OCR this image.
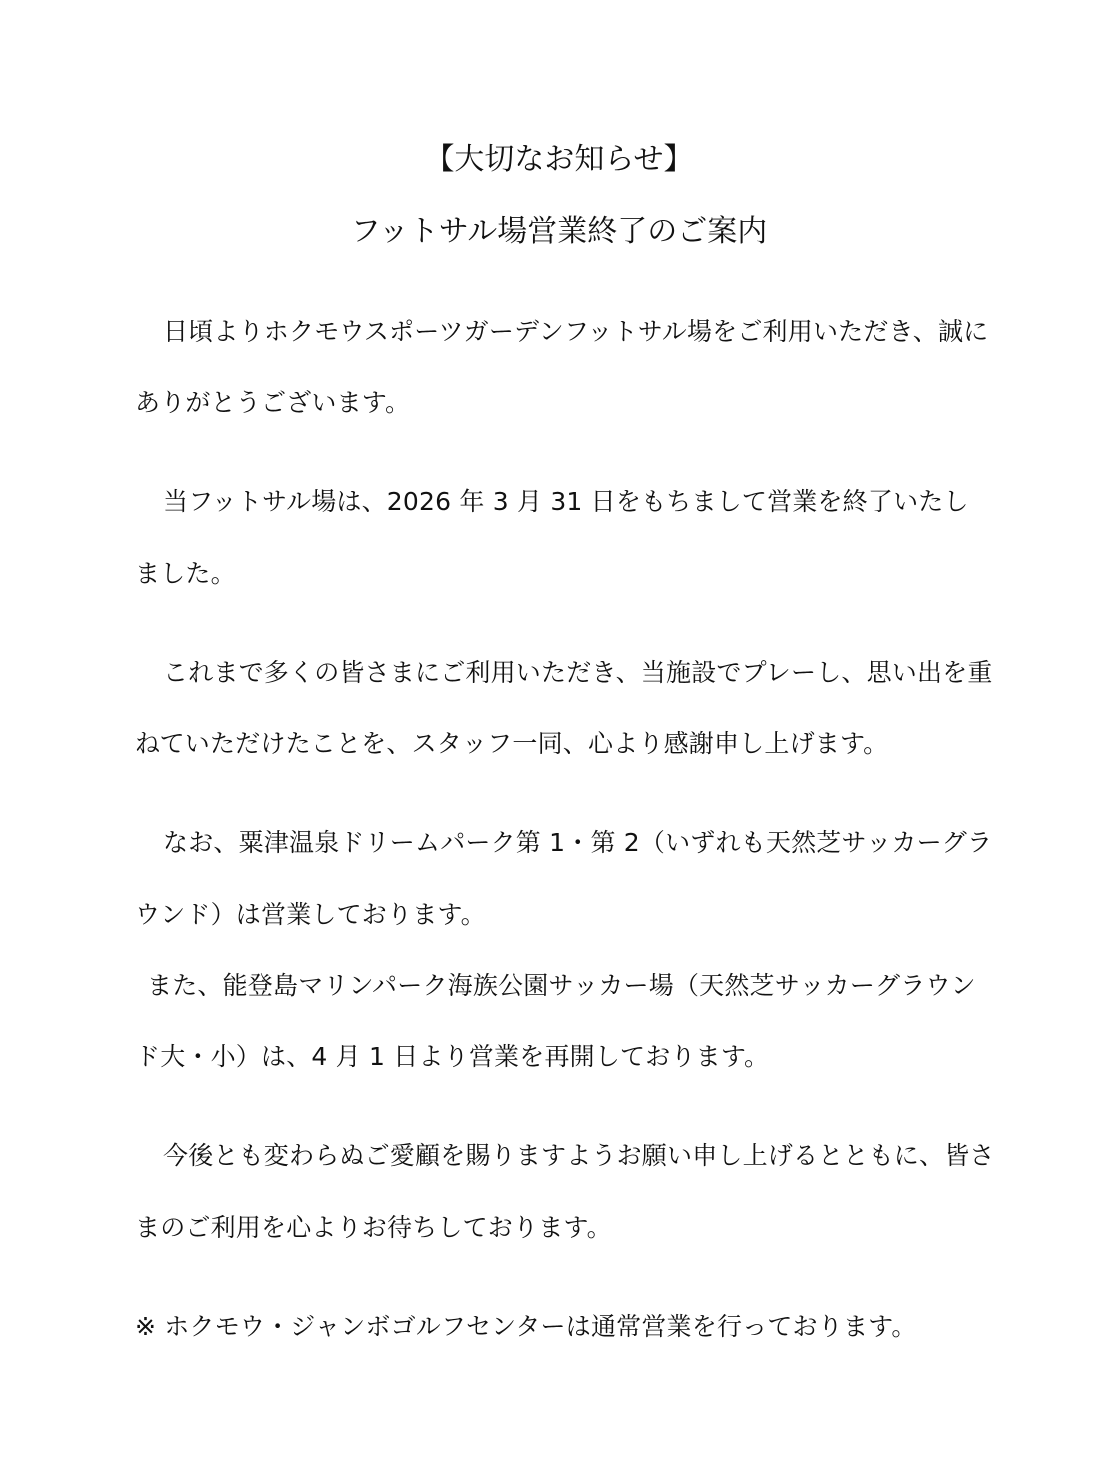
【大切なお知らせ】
フットサル場営業終了のご案内
日頃よりホクモウスポーツガーデンフットサル場をご利用いただき、誠に
ありがとうございます。
当フットサル場は、2026 年 3 月 31 日をもちまして営業を終了いたし
ました。
これまで多くの皆さまにご利用いただき、当施設でプレーし、思い出を重
ねていただけたことを、スタッフ一同、心より感謝申し上げます。
なお、粟津温泉ドリームパーク第 1・第 2（いずれも天然芝サッカーグラ
ウンド）は営業しております。
また、能登島マリンパーク海族公園サッカー場（天然芝サッカーグラウン
ド大・小）は、4 月 1 日より営業を再開しております。
今後とも変わらぬご愛顧を賜りますようお願い申し上げるとともに、皆さ
まのご利用を心よりお待ちしております。
※ ホクモウ・ジャンボゴルフセンターは通常営業を行っております。
